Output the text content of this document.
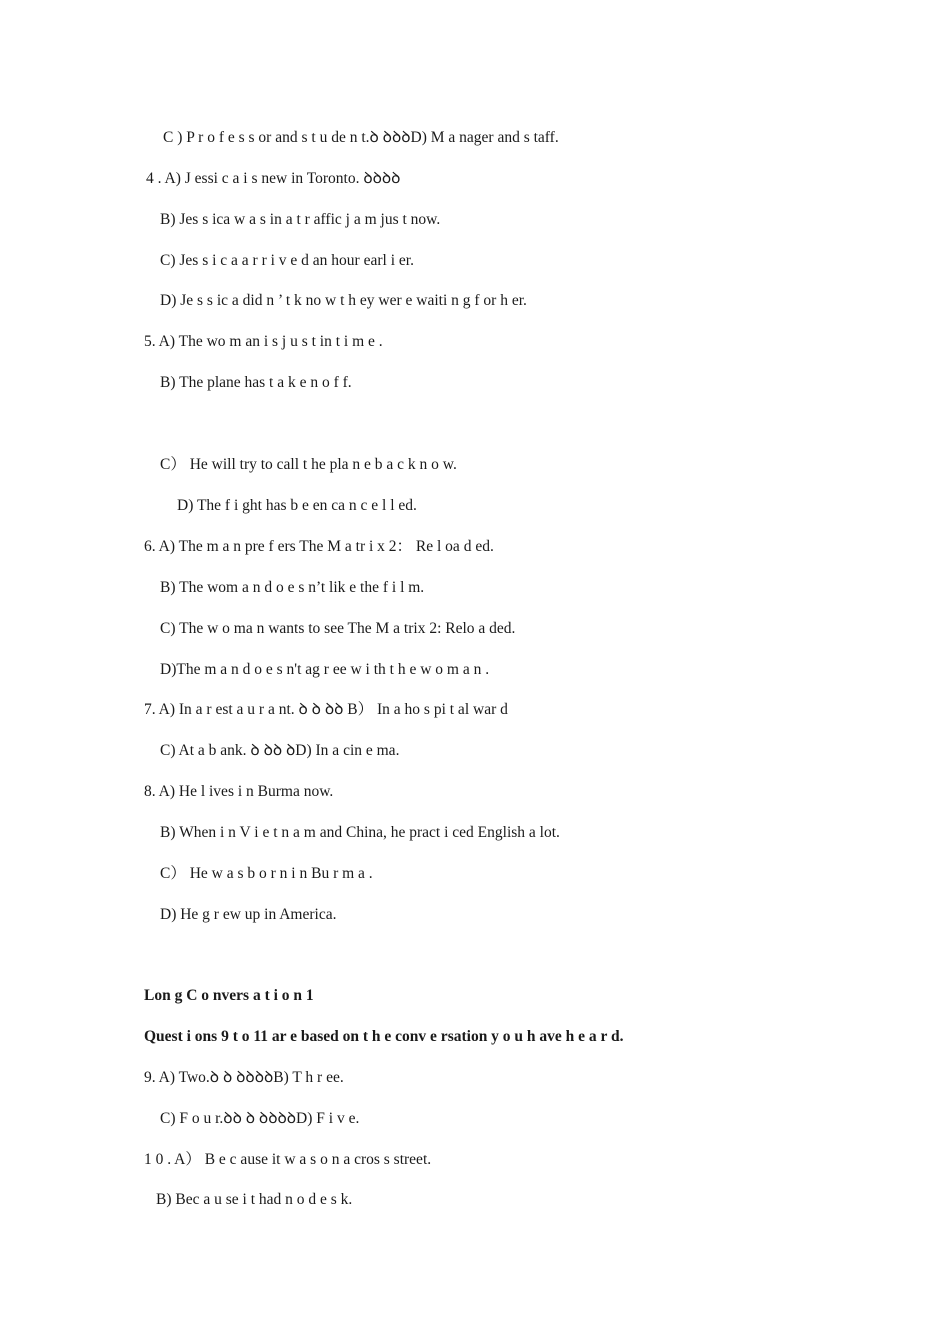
C ) P r o f e s s or and s t u de n t.ꝺ ꝺꝺꝺD) M a nager and s taff.
4 . A) J essi c a i s new in Toronto. ꝺꝺꝺꝺ
B) Jes s ica w a s in a t r affic j a m jus t now.
C) Jes s i c a a r r i v e d an hour earl i er.
D) Je s s ic a did n ’ t k no w t h ey wer e waiti n g f or h er.
5. A) The wo m an i s j u s t in t i m e .
B) The plane has t a k e n o f f.
C） He will try to call t he pla n e b a c k n o w.
D) The f i ght has b e en ca n c e l l ed.
6. A) The m a n pre f ers The M a tr i x 2： Re l oa d ed.
B) The wom a n d o e s n’t lik e the f i l m.
C) The w o ma n wants to see The M a trix 2: Relo a ded.
D)The m a n d o e s n't ag r ee w i th t h e w o m a n .
7. A) In a r est a u r a nt. ꝺ ꝺ ꝺꝺ B） In a ho s pi t al war d
C) At a b ank. ꝺ ꝺꝺ ꝺD) In a cin e ma.
8. A) He l ives i n Burma now.
B) When i n V i e t n a m and China, he pract i ced English a lot.
C） He w a s b o r n i n Bu r m a .
D) He g r ew up in America.
Lon g C o nvers a t i o n 1
Quest i ons 9 t o 11 ar e based on t h e conv e rsation y o u h ave h e a r d.
9. A) Two.ꝺ ꝺ ꝺꝺꝺꝺB) T h r ee.
C) F o u r.ꝺꝺ ꝺ ꝺꝺꝺꝺD) F i v e.
1 0 . A） B e c ause it w a s o n a cros s street.
B) Bec a u se i t had n o d e s k.
